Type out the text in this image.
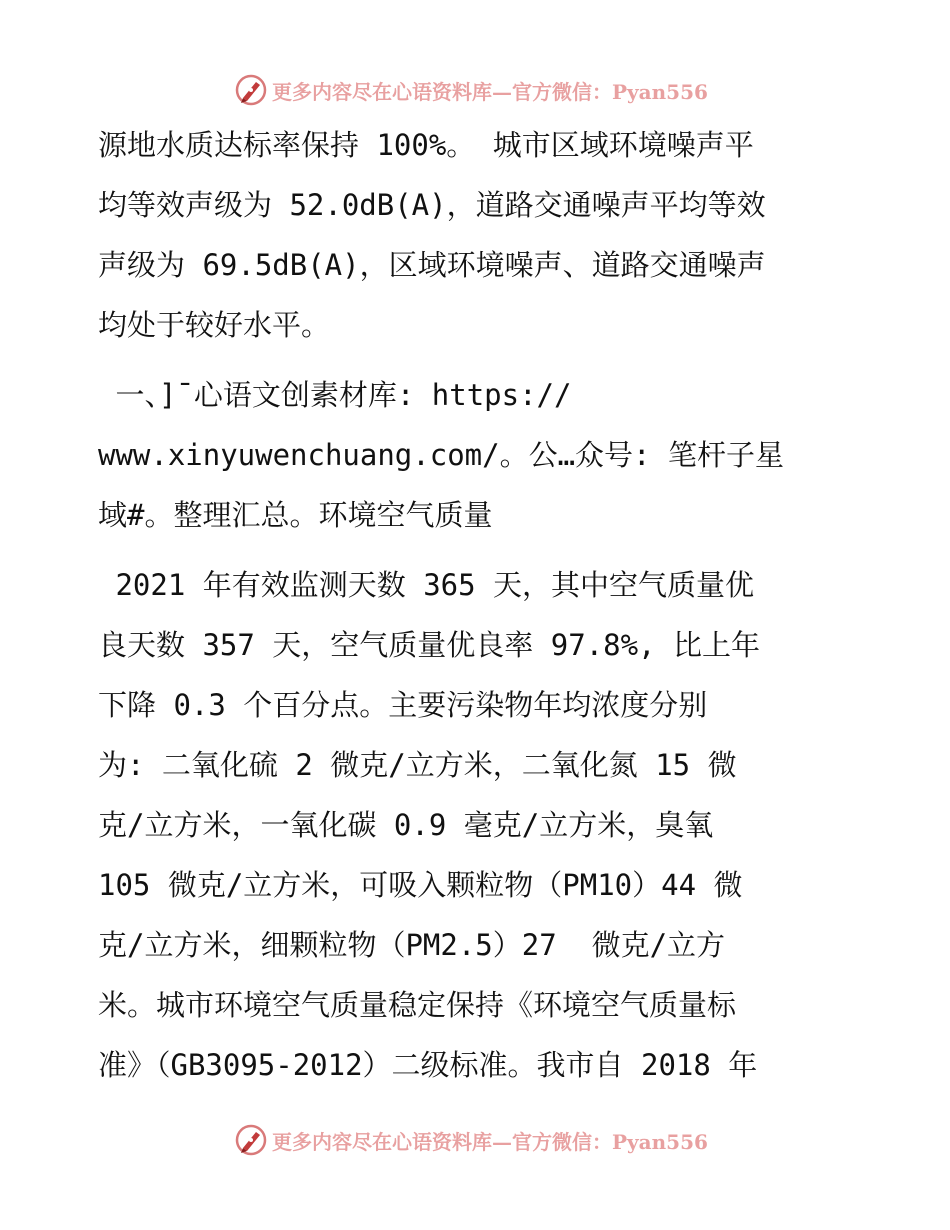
更多内容尽在心语资料库—官方微信：Pyan556
源地水质达标率保持 100%。 城市区域环境噪声平
均等效声级为 52.0dB(A)，道路交通噪声平均等效
声级为 69.5dB(A)，区域环境噪声、道路交通噪声
均处于较好水平。
一、]¯心语文创素材库: https://
www.xinyuwenchuang.com/。公…众号: 笔杆子星
域#。整理汇总。环境空气质量
2021 年有效监测天数 365 天，其中空气质量优
良天数 357 天，空气质量优良率 97.8%, 比上年
下降 0.3 个百分点。主要污染物年均浓度分别
为: 二氧化硫 2 微克/立方米，二氧化氮 15 微
克/立方米，一氧化碳 0.9 毫克/立方米，臭氧
105 微克/立方米，可吸入颗粒物（PM10）44 微
克/立方米，细颗粒物（PM2.5）27  微克/立方
米。城市环境空气质量稳定保持《环境空气质量标
准》（GB3095-2012）二级标准。我市自 2018 年
更多内容尽在心语资料库—官方微信：Pyan556
